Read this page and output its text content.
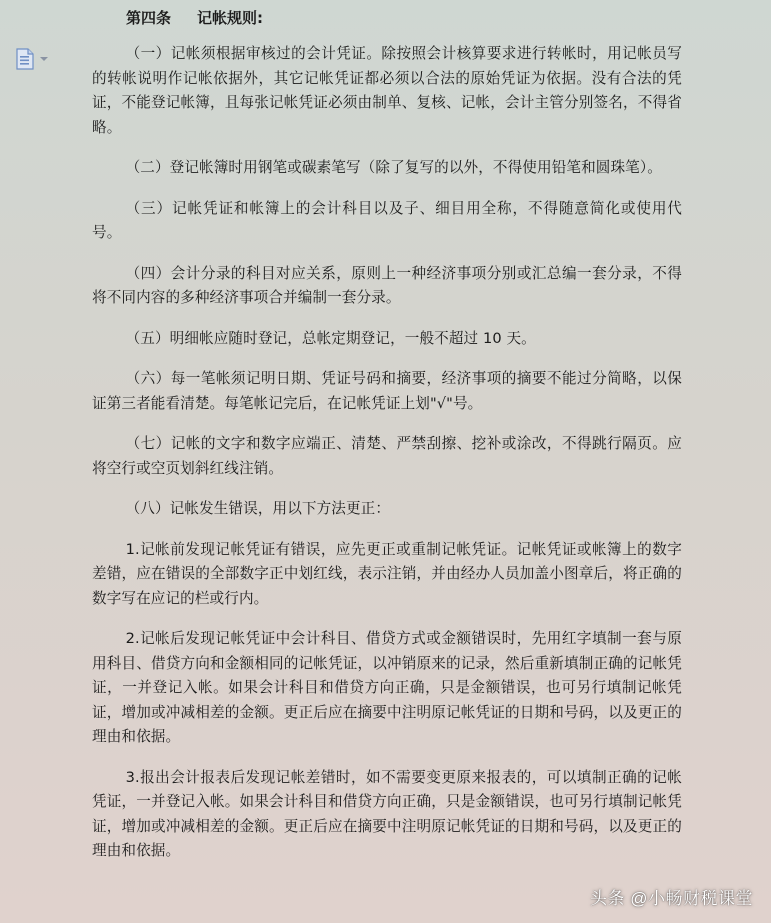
第四条 记帐规则:

（一）记帐须根据审核过的会计凭证。除按照会计核算要求进行转帐时，用记帐员写的转帐说明作记帐依据外，其它记帐凭证都必须以合法的原始凭证为依据。没有合法的凭证，不能登记帐簿，且每张记帐凭证必须由制单、复核、记帐，会计主管分别签名，不得省略。

（二）登记帐簿时用钢笔或碳素笔写（除了复写的以外，不得使用铅笔和圆珠笔）。

（三）记帐凭证和帐簿上的会计科目以及子、细目用全称，不得随意简化或使用代号。

（四）会计分录的科目对应关系，原则上一种经济事项分别或汇总编一套分录，不得将不同内容的多种经济事项合并编制一套分录。

（五）明细帐应随时登记，总帐定期登记，一般不超过 10 天。

（六）每一笔帐须记明日期、凭证号码和摘要，经济事项的摘要不能过分简略，以保证第三者能看清楚。每笔帐记完后，在记帐凭证上划"√"号。

（七）记帐的文字和数字应端正、清楚、严禁刮擦、挖补或涂改，不得跳行隔页。应将空行或空页划斜红线注销。

（八）记帐发生错误，用以下方法更正：

1.记帐前发现记帐凭证有错误，应先更正或重制记帐凭证。记帐凭证或帐簿上的数字差错，应在错误的全部数字正中划红线，表示注销，并由经办人员加盖小图章后，将正确的数字写在应记的栏或行内。

2.记帐后发现记帐凭证中会计科目、借贷方式或金额错误时，先用红字填制一套与原用科目、借贷方向和金额相同的记帐凭证，以冲销原来的记录，然后重新填制正确的记帐凭证，一并登记入帐。如果会计科目和借贷方向正确，只是金额错误，也可另行填制记帐凭证，增加或冲减相差的金额。更正后应在摘要中注明原记帐凭证的日期和号码，以及更正的理由和依据。

3.报出会计报表后发现记帐差错时，如不需要变更原来报表的，可以填制正确的记帐凭证，一并登记入帐。如果会计科目和借贷方向正确，只是金额错误，也可另行填制记帐凭证，增加或冲减相差的金额。更正后应在摘要中注明原记帐凭证的日期和号码，以及更正的理由和依据。

头条 @小畅财税课堂
